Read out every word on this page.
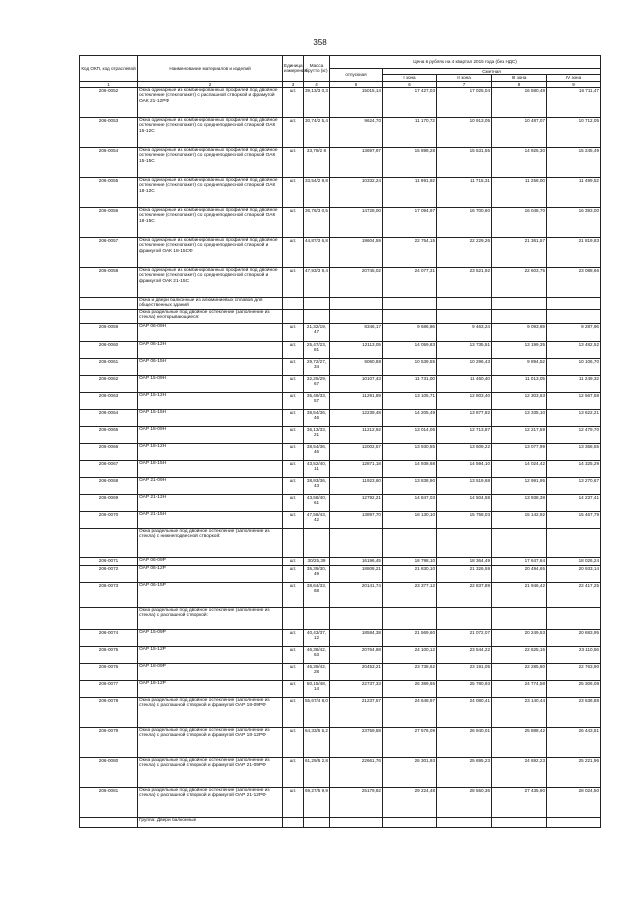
358
Код ОКП, код отраслевой	Наименование материалов и изделий	Единица измерения	Масса брутто (кг)	Цена в рублях на 4 квартал 2015 года (без НДС)				
				отпускная	Сметная			
					I зона	II зона	III зона	IV зона
1	2	3	4	5	6	7	8	9
206-0052	Окна одинарные из комбинированных профилей под двойное остекление (стеклопакет) с распашной створкой и фрамугой ОАК 21-12РФ	шт.	39,13/3 0,3	15015,14	17 427,03	17 025,04	16 580,48	16 711,47
206-0053	Окна одинарные из комбинированных профилей под двойное остекление (стеклопакет) со среднеподвесной створкой ОАК 15-12С	шт.	30,74/2 5,4	9624,70	11 170,72	10 913,05	10 487,07	10 712,05
206-0054	Окна одинарные из комбинированных профилей под двойное остекление (стеклопакет) со среднеподвесной створкой ОАК 15-15С	шт.	33,79/2 8	13697,97	15 898,28	15 531,55	14 925,30	15 245,49
206-0055	Окна одинарные из комбинированных профилей под двойное остекление (стеклопакет) со среднеподвесной створкой ОАК 18-12С	шт.	33,54/2 8,8	10332,24	11 991,92	11 715,31	11 258,00	11 499,52
206-0056	Окна одинарные из комбинированных профилей под двойное остекление (стеклопакет) со среднеподвесной створкой ОАК 18-15С	шт.	36,76/3 0,5	14728,00	17 094,97	16 700,60	16 048,70	16 393,00
206-0057	Окна одинарные из комбинированных профилей под двойное остекление (стеклопакет) со среднеподвесной створкой и фрамугой ОАК 18-15СФ	шт.	44,87/3 6,8	19604,59	22 754,15	22 229,26	21 361,57	21 819,83
206-0058	Окна одинарные из комбинированных профилей под двойное остекление (стеклопакет) со среднеподвесной створкой и фрамугой ОАК 21-15С	шт.	47,93/3 9,4	20745,02	24 077,31	23 521,92	22 603,75	23 088,66
	Окна и двери балконные из алюминиевых сплавов для общественных зданий							
	Окна раздельные под двойное остекление (заполнение из стекла) неоткрывающиеся:							
206-0059	ОАР 06-09Н	шт.	21,32/19, 47	8346,17	9 686,86	9 463,24	9 093,69	9 287,96
206-0060	ОАР 06-12Н	шт.	25,47/23, 81	12113,05	14 059,83	13 735,51	13 199,35	13 482,52
206-0061	ОАР 06-15Н	шт.	29,72/27, 34	9060,88	10 539,55	10 296,43	9 894,52	10 106,70
206-0062	ОАР 15-09Н	шт.	32,25/29, 67	10107,43	11 731,00	11 460,40	11 013,05	11 249,32
206-0063	ОАР 15-12Н	шт.	35,49/33, 57	11291,89	13 105,71	12 803,40	12 303,63	12 567,58
206-0064	ОАР 15-15Н	шт.	38,54/36, 46	12239,48	14 205,49	13 877,82	13 335,10	13 622,21
206-0065	ОАР 18-09Н	шт.	36,13/33, 21	11212,92	13 014,06	12 713,87	12 217,59	12 479,70
206-0066	ОАР 18-12Н	шт.	38,54/36, 46	12002,57	13 930,55	13 609,22	13 077,99	13 358,55
206-0067	ОАР 18-15Н	шт.	43,52/40, 11	12871,18	14 938,68	14 594,10	14 024,42	14 325,29
206-0068	ОАР 21-09Н	шт.	38,93/36, 43	11923,60	13 838,90	13 519,68	12 991,95	13 270,67
206-0069	ОАР 21-12Н	шт.	43,58/40, 61	12792,21	14 847,03	14 504,58	13 938,38	14 237,41
206-0070	ОАР 21-15Н	шт.	47,58/43, 42	13897,70	16 130,10	15 758,03	15 142,92	15 467,79
	Окна раздельные под двойное остекление (заполнение из стекла) с нижнеподвесной створкой:							
206-0071	ОАР 06-09Р	шт.	30/25,39	16196,45	18 798,10	18 364,49	17 647,64	18 026,24
206-0072	ОАР 06-12Р	шт.	35,39/30, 49	18808,21	21 830,10	21 326,59	20 494,65	20 933,14
206-0073	ОАР 06-15Р	шт.	38,64/33, 68	20141,74	23 377,12	22 837,89	21 946,42	22 417,25
	Окна раздельные под двойное остекление (заполнение из стекла) с распашной створкой:							
206-0074	ОАР 15-09Р	шт.	40,43/37, 12	18584,38	21 569,60	21 072,07	20 249,53	20 683,95
206-0075	ОАР 15-12Р	шт.	46,38/42, 63	20764,68	24 100,12	23 544,22	22 625,15	23 110,56
206-0076	ОАР 18-09Р	шт.	46,39/42, 28	20453,21	23 738,62	23 191,05	22 285,80	22 763,90
206-0077	ОАР 18-12Р	шт.	50,15/48, 14	22737,33	26 389,65	25 780,93	24 774,58	25 306,08
206-0078	Окна раздельные под двойное остекление (заполнение из стекла) с распашной створкой и фрамугой ОАР 18-09РФ	шт.	55,67/4 8,0	21237,57	24 648,97	24 080,41	23 140,44	23 636,88
206-0079	Окна раздельные под двойное остекление (заполнение из стекла) с распашной створкой и фрамугой ОАР 18-12РФ	шт.	64,33/5 5,2	23759,58	27 576,09	26 940,01	25 888,42	26 443,81
206-0080	Окна раздельные под двойное остекление (заполнение из стекла) с распашной створкой и фрамугой ОАР 21-09РФ	шт.	61,29/5 2,8	22661,76	26 301,93	25 695,23	24 692,23	25 221,96
206-0081	Окна раздельные под двойное остекление (заполнение из стекла) с распашной створкой и фрамугой ОАР 21-12РФ	шт.	69,27/5 9,9	25179,82	29 224,48	28 550,36	27 435,90	28 024,50
	Группа: Двери балконные							
